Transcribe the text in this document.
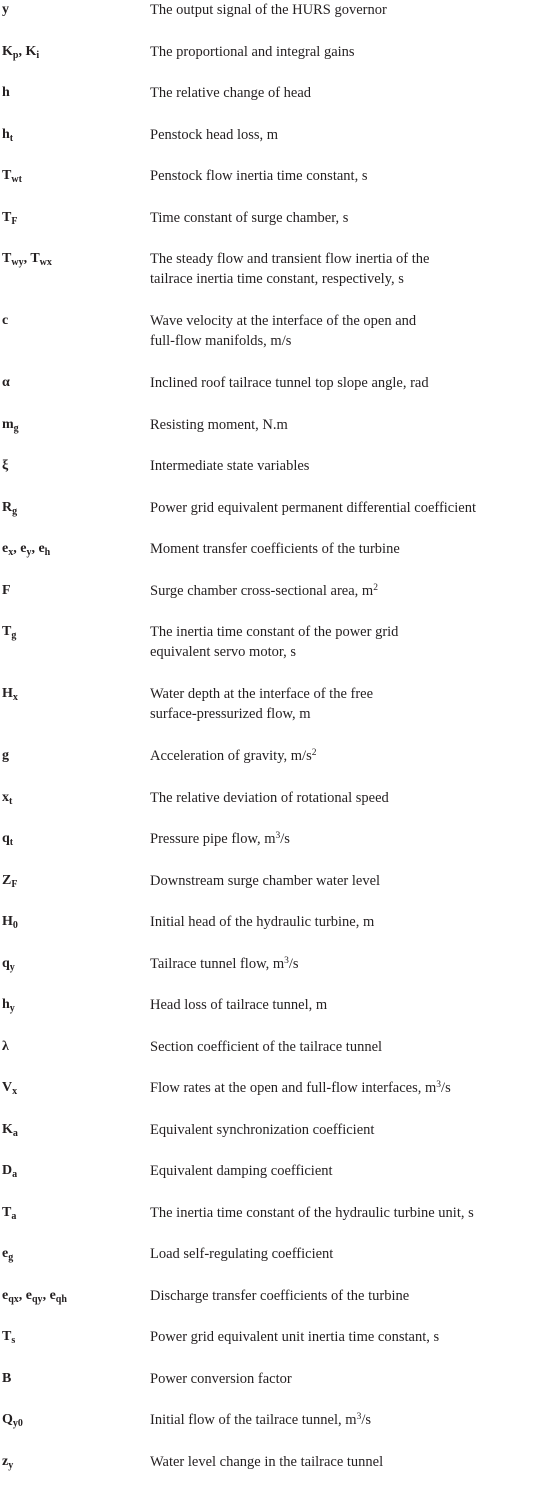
y	The output signal of the HURS governor
$K_p$, $K_i$	The proportional and integral gains
h	The relative change of head
$h_t$	Penstock head loss, m
$T_{wt}$	Penstock flow inertia time constant, s
$T_F$	Time constant of surge chamber, s
$T_{wy}$, $T_{wx}$	The steady flow and transient flow inertia of the
tailrace inertia time constant, respectively, s
c	Wave velocity at the interface of the open and
full-flow manifolds, m/s
α	Inclined roof tailrace tunnel top slope angle, rad
$m_g$	Resisting moment, N.m
ξ	Intermediate state variables
$R_g$	Power grid equivalent permanent differential coefficient
$e_x$, $e_y$, $e_h$	Moment transfer coefficients of the turbine
F	Surge chamber cross-sectional area, $m^2$
$T_g$	The inertia time constant of the power grid
equivalent servo motor, s
$H_x$	Water depth at the interface of the free
surface-pressurized flow, m
g	Acceleration of gravity, $m/s^2$
$x_t$	The relative deviation of rotational speed
$q_t$	Pressure pipe flow, $m^3/s$
$Z_F$	Downstream surge chamber water level
$H_0$	Initial head of the hydraulic turbine, m
$q_y$	Tailrace tunnel flow, $m^3/s$
$h_y$	Head loss of tailrace tunnel, m
λ	Section coefficient of the tailrace tunnel
$V_x$	Flow rates at the open and full-flow interfaces, $m^3/s$
$K_a$	Equivalent synchronization coefficient
$D_a$	Equivalent damping coefficient
$T_a$	The inertia time constant of the hydraulic turbine unit, s
$e_g$	Load self-regulating coefficient
$e_{qx}$, $e_{qy}$, $e_{qh}$	Discharge transfer coefficients of the turbine
$T_s$	Power grid equivalent unit inertia time constant, s
B	Power conversion factor
$Q_{y0}$	Initial flow of the tailrace tunnel, $m^3/s$
$z_y$	Water level change in the tailrace tunnel
